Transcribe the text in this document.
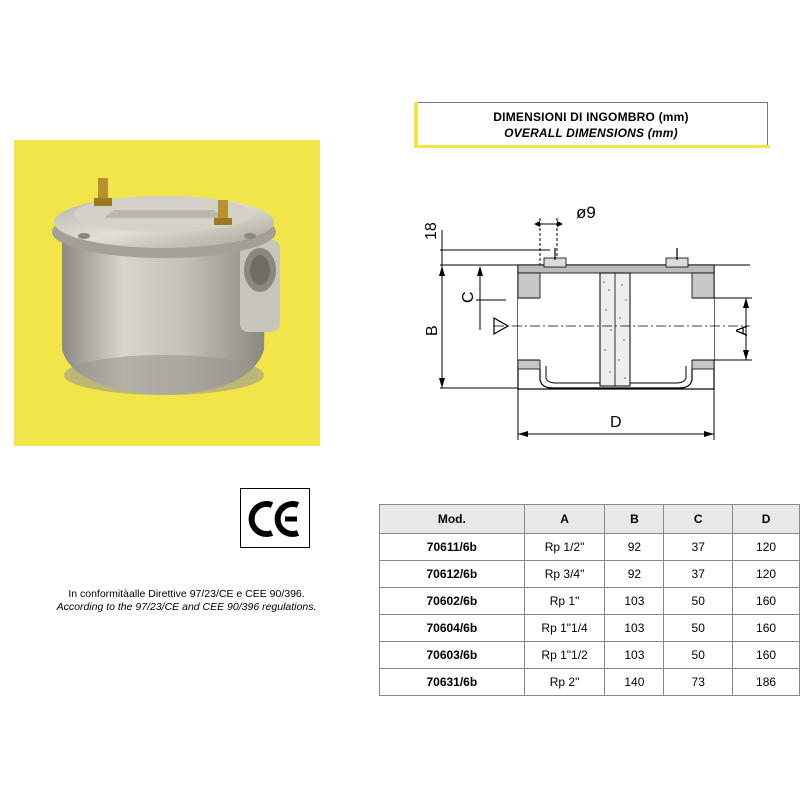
DIMENSIONI DI INGOMBRO (mm)
OVERALL DIMENSIONS (mm)
18
B
C
ø9
A
D
In conformitàalle Direttive 97/23/CE e CEE 90/396.
According to the 97/23/CE and CEE 90/396 regulations.
Mod.	A	B	C	D
70611/6b	Rp 1/2"	92	37	120
70612/6b	Rp 3/4"	92	37	120
70602/6b	Rp 1"	103	50	160
70604/6b	Rp 1"1/4	103	50	160
70603/6b	Rp 1"1/2	103	50	160
70631/6b	Rp 2"	140	73	186
